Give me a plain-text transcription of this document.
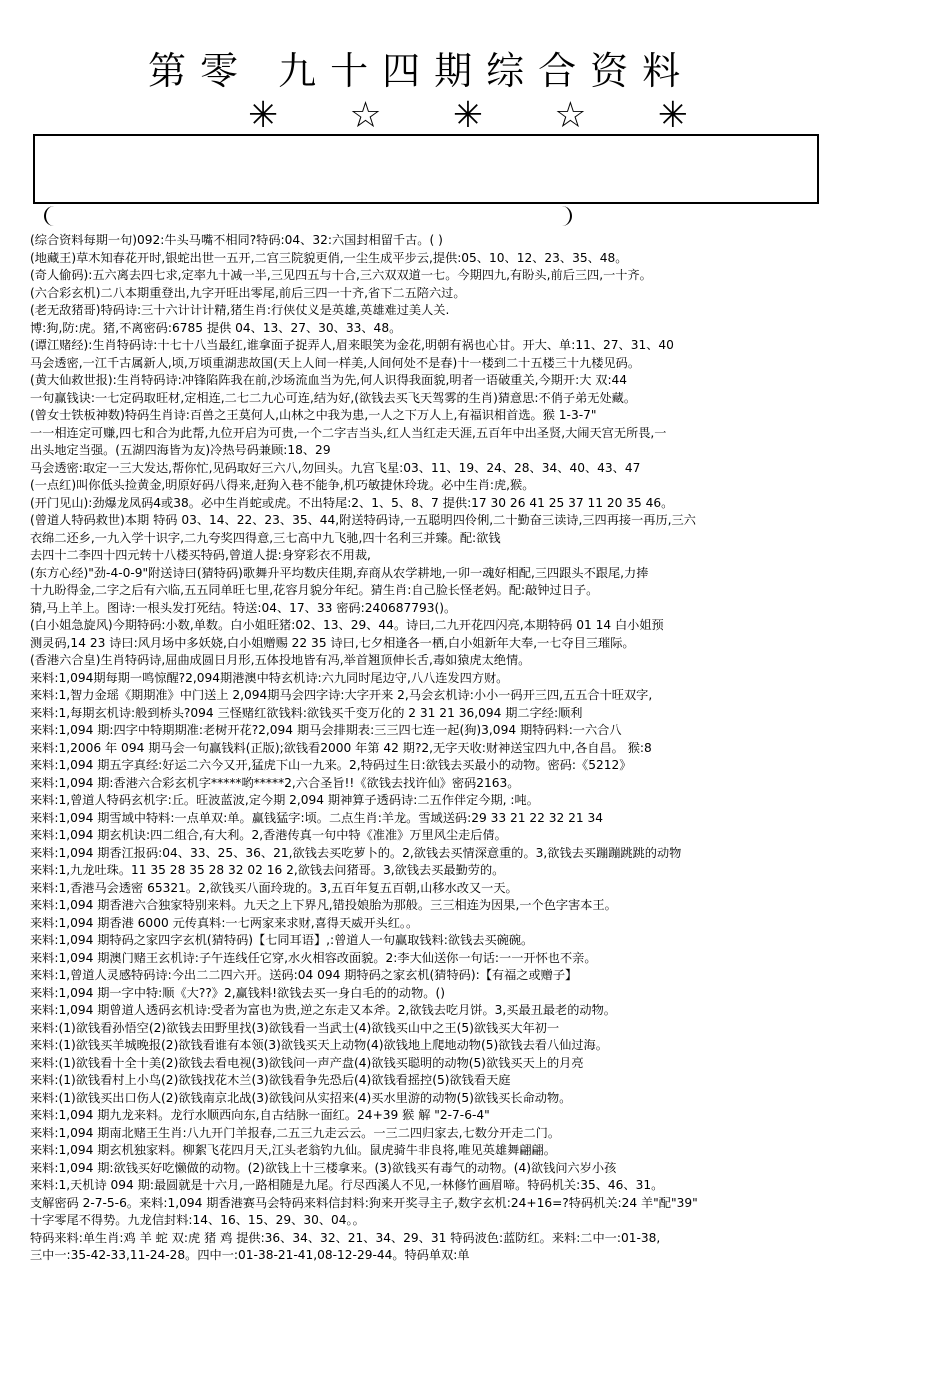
第零 九十四期综合资料
✳ ☆ ✳ ☆ ✳
(综合资料每期一句)092:牛头马嘴不相同?特码:04、32:六国封相留千古。( )
(地藏王)草木知春花开时,银蛇出世一五开,二宫三院貌更俏,一尘生成平步云,提供:05、10、12、23、35、48。
(奇人偷码):五六离去四七求,定率九十减一半,三见四五与十合,三六双双道一七。今期四九,有盼头,前后三四,一十齐。
(六合彩玄机)二八本期重登出,九字开旺出零尾,前后三四一十齐,省下二五陪六过。
(老无敌猪哥)特码诗:三十六计计计精,猪生肖:行侠仗义是英雄,英雄难过美人关.
博:狗,防:虎。猪,不离密码:6785 提供 04、13、27、30、33、48。
(谭江赌经):生肖特码诗:十七十八当最红,谁拿面子捉弄人,眉来眼笑为金花,明朝有祸也心甘。开大、单:11、27、31、40
马会透密,一江千古属新人,顷,万顷重湖悲故国(天上人间一样美,人间何处不是春)十一楼到二十五楼三十九楼见码。
(黄大仙救世报):生肖特码诗:冲锋陷阵我在前,沙场流血当为先,何人识得我面貌,明者一语破重关,今期开:大 双:44
一句赢钱诀:一七定码取旺材,定相连,二七二九心可连,结为好,(欲钱去买飞天驾雾的生肖)猜意思:不俏子弟无处藏。
(曾女士铁板神数)特码生肖诗:百兽之王莫何人,山林之中我为患,一人之下万人上,有福识相首选。猴 1-3-7"
一一相连定可赚,四七和合为此帮,九位开启为可贵,一个二字吉当头,红人当红走天涯,五百年中出圣贤,大闹天宫无所畏,一
出头地定当强。(五湖四海皆为友)冷热号码兼顾:18、29
马会透密:取定一三大发达,帮你忙,见码取好三六八,勿回头。九宫飞星:03、11、19、24、28、34、40、43、47
(一点红)叫你低头捡黄金,明原好码八得来,赶狗入巷不能争,机巧敏捷休玲珑。必中生肖:虎,猴。
(开门见山):劲爆龙凤码4或38。必中生肖蛇或虎。不出特尾:2、1、5、8、7 提供:17 30 26 41 25 37 11 20 35 46。
(曾道人特码救世)本期 特码 03、14、22、23、35、44,附送特码诗,一五聪明四伶俐,二十勤奋三读诗,三四再接一再历,三六
衣绵二还乡,一九入学十识字,二九夸奖四得意,三七高中九飞驰,四十名利三并臻。配:欲钱
去四十二李四十四元转十八楼买特码,曾道人提:身穿彩衣不用裁,
(东方心经)"劲-4-0-9"附送诗曰(猜特码)歌舞升平均数庆佳期,弃商从农学耕地,一卯一魂好相配,三四跟头不跟尾,力捧
十九盼得金,二字之后有六临,五五同单旺七里,花容月貌分年纪。猜生肖:自己脸长怪老妈。配:敲钟过日子。
猜,马上羊上。图诗:一根头发打死结。特送:04、17、33 密码:240687793()。
(白小姐急旋风)今期特码:小数,单数。白小姐旺猪:02、13、29、44。诗曰,二九开花四闪亮,本期特码 01 14 白小姐预
测灵码,14 23 诗曰:风月场中多妖娆,白小姐赠赐 22 35 诗曰,七夕相逢各一栖,白小姐新年大奉,一七夺目三璀际。
(香港六合皇)生肖特码诗,屈曲成圆日月形,五体投地皆有冯,举首翘顶伸长舌,毒如猿虎太绝情。
来料:1,094期每期一鸣惊醒?2,094期港澳中特玄机诗:六九同时尾边守,八八连发四方财。
来料:1,智力金瑶《期期准》中门送上 2,094期马会四字诗:大字开来 2,马会玄机诗:小小一码开三四,五五合十旺双字,
来料:1,每期玄机诗:般到桥头?094 三怪赌红欲钱料:欲钱买千变万化的 2 31 21 36,094 期二字经:顺利
来料:1,094 期:四字中特期期准:老树开花?2,094 期马会排期表:三三四七连一起(狗)3,094 期特码料:一六合八
来料:1,2006 年 094 期马会一句赢钱料(正版);欲钱看2000 年第 42 期?2,无字天收:财神送宝四九中,各自昌。 猴:8
来料:1,094 期五字真经:好运二六今又开,猛虎下山一九来。2,特码过生日:欲钱去买最小的动物。密码:《5212》
来料:1,094 期:香港六合彩玄机字*****哟*****2,六合圣旨!!《欲钱去找许仙》密码2163。
来料:1,曾道人特码玄机字:丘。旺波蓝波,定今期 2,094 期神算子透码诗:二五作伴定今期, :吨。
来料:1,094 期雪域中特料:一点单双:单。赢钱猛字:顷。二点生肖:羊龙。雪域送码:29 33 21 22 32 21 34
来料:1,094 期玄机诀:四二组合,有大利。2,香港传真一句中特《准准》万里风尘走后倩。
来料:1,094 期香江报码:04、33、25、36、21,欲钱去买吃萝卜的。2,欲钱去买情深意重的。3,欲钱去买蹦蹦跳跳的动物
来料:1,九龙吐珠。11 35 28 35 28 32 02 16 2,欲钱去问猪哥。3,欲钱去买最勤劳的。
来料:1,香港马会透密 65321。2,欲钱买八面玲珑的。3,五百年复五百朝,山移水改又一天。
来料:1,094 期香港六合独家特别来料。九天之上下界凡,错投娘胎为那般。三三相连为因果,一个色字害本王。
来料:1,094 期香港 6000 元传真料:一七两家来求财,喜得天威开头红。。
来料:1,094 期特码之家四字玄机(猜特码)【七同耳语】,:曾道人一句赢取钱料:欲钱去买碗碗。
来料:1,094 期澳门赌王玄机诗:子午连线任它穿,水火相容改面貌。2:李大仙送你一句话:一一开怀也不亲。
来料:1,曾道人灵感特码诗:今出二二四六开。送码:04 094 期特码之家玄机(猜特码):【有福之或赠子】
来料:1,094 期一字中特:顺《大??》2,赢钱料!欲钱去买一身白毛的的动物。()
来料:1,094 期曾道人透码玄机诗:受者为富也为贵,逆之东走又本斧。2,欲钱去吃月饼。3,买最丑最老的动物。
来料:(1)欲钱看孙悟空(2)欲钱去田野里找(3)欲钱看一当武士(4)欲钱买山中之王(5)欲钱买大年初一
来料:(1)欲钱买羊城晚报(2)欲钱看谁有本领(3)欲钱买天上动物(4)欲钱地上爬地动物(5)欲钱去看八仙过海。
来料:(1)欲钱看十全十美(2)欲钱去看电视(3)欲钱问一声产盘(4)欲钱买聪明的动物(5)欲钱买天上的月亮
来料:(1)欲钱看村上小鸟(2)欲钱找花木兰(3)欲钱看争先恐后(4)欲钱看摇控(5)欲钱看天庭
来料:(1)欲钱买出口伤人(2)欲钱南京北战(3)欲钱问从实招来(4)买水里游的动物(5)欲钱买长命动物。
来料:1,094 期九龙来料。龙行水顺西向东,自古结脉一面红。24+39 猴 解 "2-7-6-4"
来料:1,094 期南北赌王生肖:八九开门羊报春,二五三九走云云。一三二四归家去,七数分开走二门。
来料:1,094 期玄机独家料。柳絮飞花四月天,江头老翁钓九仙。鼠虎骑牛非良将,唯见英雄舞翩翩。
来料:1,094 期:欲钱买好吃懒做的动物。(2)欲钱上十三楼拿来。(3)欲钱买有毒气的动物。(4)欲钱问六岁小孩
来料:1,天机诗 094 期:最圆就是十六月,一路相随是九尾。行尽西溪人不见,一林修竹画眉啼。特码机关:35、46、31。
支解密码 2-7-5-6。来料:1,094 期香港赛马会特码来料信封料:狗来开奖寻主子,数字玄机:24+16=?特码机关:24 羊"配"39"
十字零尾不得势。九龙信封料:14、16、15、29、30、04。。
特码来料:单生肖:鸡 羊 蛇 双:虎 猪 鸡 提供:36、34、32、21、34、29、31 特码波色:蓝防红。来料:二中一:01-38,
三中一:35-42-33,11-24-28。四中一:01-38-21-41,08-12-29-44。特码单双:单
